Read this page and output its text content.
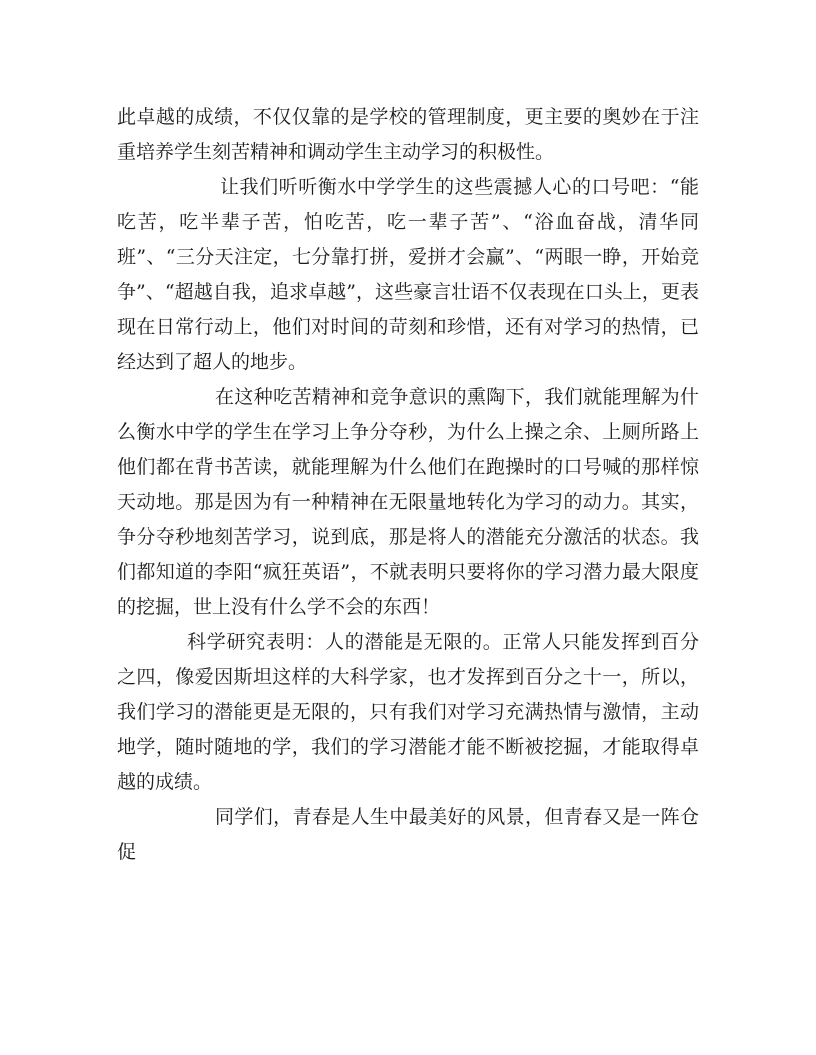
此卓越的成绩，不仅仅靠的是学校的管理制度，更主要的奥妙在于注重培养学生刻苦精神和调动学生主动学习的积极性。

让我们听听衡水中学学生的这些震撼人心的口号吧：“能吃苦，吃半辈子苦，怕吃苦，吃一辈子苦”、“浴血奋战，清华同班”、“三分天注定，七分靠打拼，爱拼才会赢”、“两眼一睁，开始竞争”、“超越自我，追求卓越”，这些豪言壮语不仅表现在口头上，更表现在日常行动上，他们对时间的苛刻和珍惜，还有对学习的热情，已经达到了超人的地步。

在这种吃苦精神和竞争意识的熏陶下，我们就能理解为什么衡水中学的学生在学习上争分夺秒，为什么上操之余、上厕所路上他们都在背书苦读，就能理解为什么他们在跑操时的口号喊的那样惊天动地。那是因为有一种精神在无限量地转化为学习的动力。其实，争分夺秒地刻苦学习，说到底，那是将人的潜能充分激活的状态。我们都知道的李阳“疯狂英语”，不就表明只要将你的学习潜力最大限度的挖掘，世上没有什么学不会的东西！

科学研究表明：人的潜能是无限的。正常人只能发挥到百分之四，像爱因斯坦这样的大科学家，也才发挥到百分之十一，所以，我们学习的潜能更是无限的，只有我们对学习充满热情与激情，主动地学，随时随地的学，我们的学习潜能才能不断被挖掘，才能取得卓越的成绩。

同学们，青春是人生中最美好的风景，但青春又是一阵仓促
